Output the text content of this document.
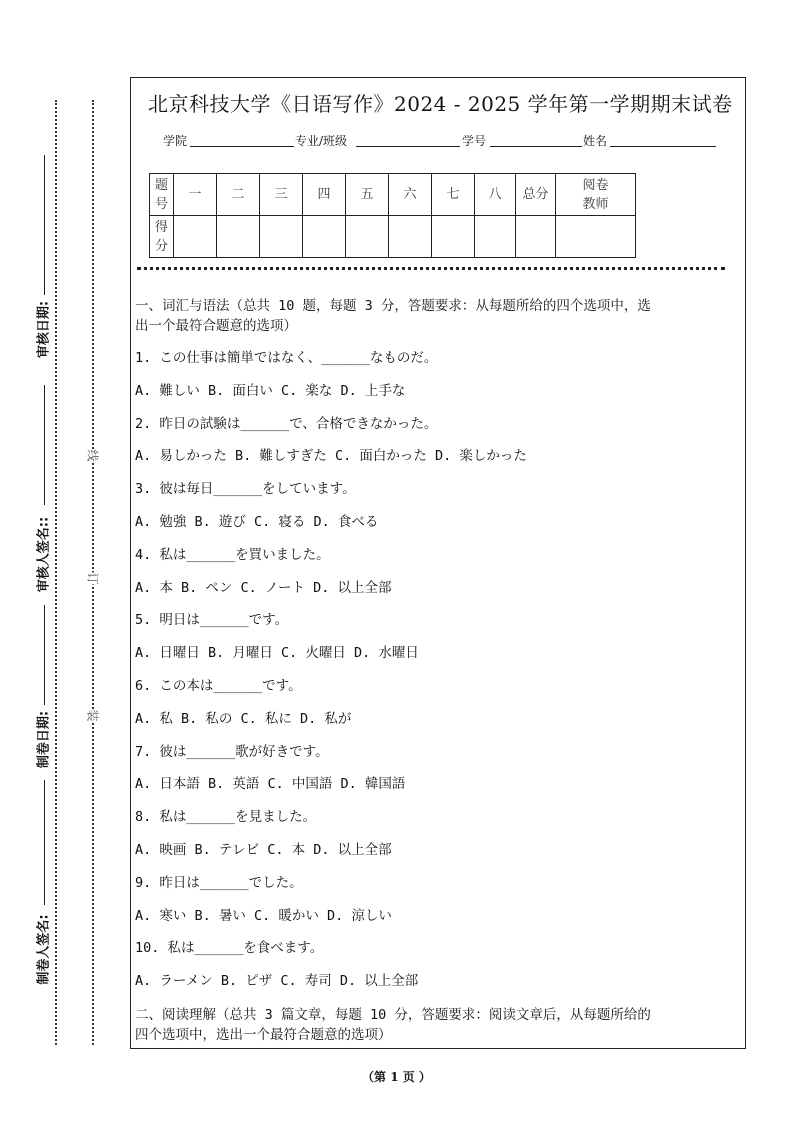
审核日期:
审核人签名::
制卷日期:
制卷人签名:
线
订
装
北京科技大学《日语写作》2024 - 2025 学年第一学期期末试卷
学院	专业/班级	学号	姓名
题号	一	二	三	四	五	六	七	八	总分	阅卷教师
得分										
一、词汇与语法（总共 10 题，每题 3 分，答题要求：从每题所给的四个选项中，选
出一个最符合题意的选项）
1. この仕事は簡単ではなく、______なものだ。
A. 難しい B. 面白い C. 楽な D. 上手な
2. 昨日の試験は______で、合格できなかった。
A. 易しかった B. 難しすぎた C. 面白かった D. 楽しかった
3. 彼は毎日______をしています。
A. 勉強 B. 遊び C. 寝る D. 食べる
4. 私は______を買いました。
A. 本 B. ペン C. ノート D. 以上全部
5. 明日は______です。
A. 日曜日 B. 月曜日 C. 火曜日 D. 水曜日
6. この本は______です。
A. 私 B. 私の C. 私に D. 私が
7. 彼は______歌が好きです。
A. 日本語 B. 英語 C. 中国語 D. 韓国語
8. 私は______を見ました。
A. 映画 B. テレビ C. 本 D. 以上全部
9. 昨日は______でした。
A. 寒い B. 暑い C. 暖かい D. 涼しい
10. 私は______を食べます。
A. ラーメン B. ピザ C. 寿司 D. 以上全部
二、阅读理解（总共 3 篇文章，每题 10 分，答题要求：阅读文章后，从每题所给的
四个选项中，选出一个最符合题意的选项）
（第 1 页 ）
